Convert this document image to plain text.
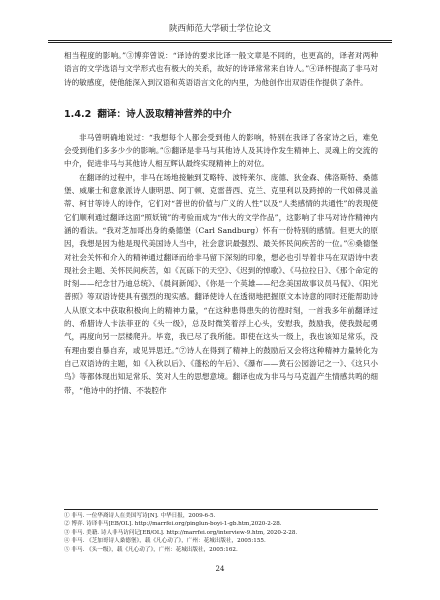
陕西师范大学硕士学位论文

相当程度的影响。”③博弈曾说：“译诗的要求比译一般文章是不同的，也更高的，译者对两种语言的文学选语与文学形式也有极大的关系，故好的诗译常常来自诗人。”④译杯提高了非马对诗的敏感度，使他能深入到汉语和英语语言文化的内里，为他创作出双语佳作提供了条件。

1.4.2 翻译：诗人汲取精神营养的中介

非马曾明确地说过：“我想每个人都会受到他人的影响，特别在我译了各家诗之后，难免会受到他们多多少少的影响。”⑤翻译是非马与其他诗人及其诗作发生精神上、灵魂上的交流的中介，促进非马与其他诗人相互辉认最终实现精神上的对位。

在翻译的过程中，非马在场地接触到艾略特、波特莱尔、庞德、狄金森、佛洛斯特、桑德堡、威廉士和意象派诗人康明思、阿丁顿、克雷普西、克兰、克里利以及跨掉的一代如佛灵盖蒂、柯甘等诗人的诗作，它们对“普世的价值与广义的人性”以及“人类感情的共通性”的表现使它们顺利通过翻译这面“照妖镜”的考验而成为“伟大的文学作品”，这影响了非马对诗作精神内涵的看法。“我对芝加哥出身的桑德堡（Carl Sandburg）怀有一份特别的感情。但更大的原因，我想是因为他是现代美国诗人当中，社会意识最强烈、最关怀民间疾苦的一位。”⑥桑德堡对社会关怀和介入的精神通过翻译而给非马留下深刻的印象，想必也引导着非马在双语诗中表现社会主题、关怀民间疾苦，如《瓦砾下的天空》、《迟到的悼歌》、《马拉拉日》、《那个命定的时刻——纪念甘乃迪总统》、《晨间新闻》、《你是一个英雄——纪念美国故事议员马侃》、《阳光普照》等双语诗使具有强烈的现实感。翻译使诗人在透彻地把握原文本诗意的同时还能帮助诗人从原文本中获取积极向上的精神力量，“在这种患得患失的彷徨时刻，一首我多年前翻译过的、希腊诗人卡法菲亚的《头一级》，总及时微笑着浮上心头，安慰我，鼓励我，使我鼓起勇气，再度向另一层楼爬升。毕竟，我已尽了我所能。即使在这头一级上，我也该知足常乐，没有理由要自暴自弃，或见异思迁。”⑦诗人在得到了精神上的鼓励后又会将这种精神力量转化为自己双语诗的主题，如《入秋以后》、《蓬松的午后》、《瀑布——黄石公园游记之一》、《这只小鸟》等都体现出知足常乐、笑对人生的思想意境。翻译也成为非马与马克温产生情感共鸣的细带，“他诗中的抒情、不装腔作

① 非马. 一位华裔诗人在美国写诗[N]. 中华日报，2009-6-5.
② 博弈. 诗译非马[EB/OL]. http://marrfei.org/pinglun-boyi-1-gb.htm,2020-2-28.
③ 非马. 美籍. 诗人非马访问记[EB/OL]. http://marrfei.org/interview-9.htm, 2020-2-28.
④ 非马. 《芝加哥诗人桑德堡》，载《凡心动了》，广州：花城出版社，2005:155.
⑤ 非马. 《头一级》，载《凡心动了》，广州：花城出版社，2005:162.
24
